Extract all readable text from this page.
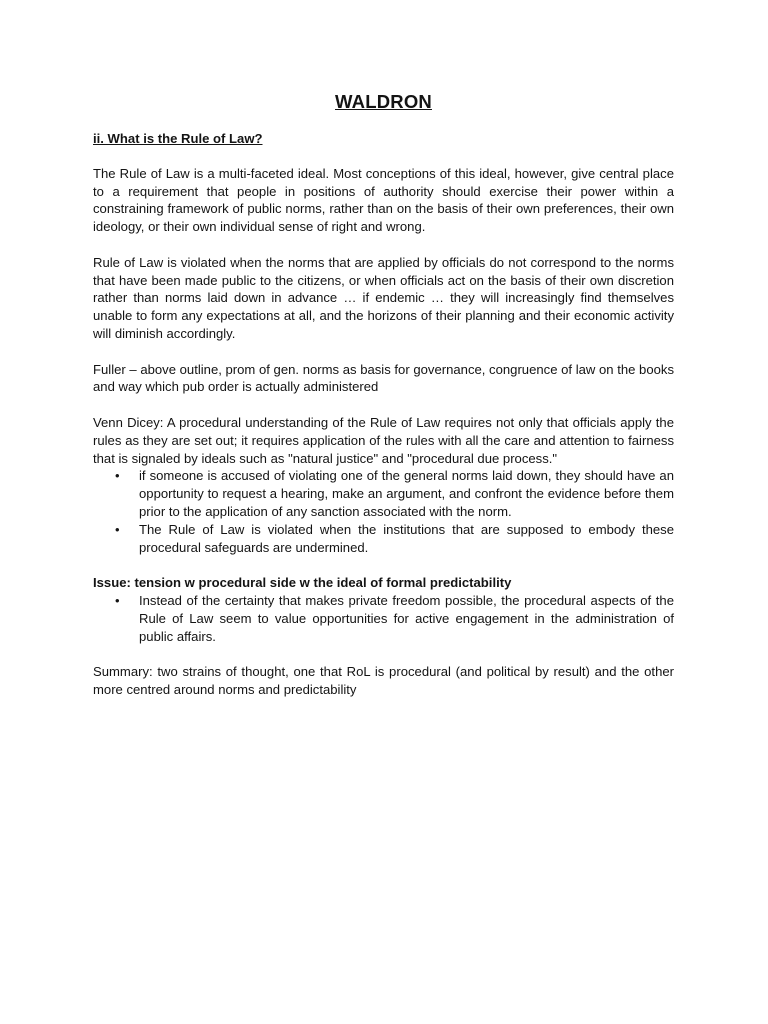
WALDRON
ii. What is the Rule of Law?

The Rule of Law is a multi-faceted ideal. Most conceptions of this ideal, however, give central place to a requirement that people in positions of authority should exercise their power within a constraining framework of public norms, rather than on the basis of their own preferences, their own ideology, or their own individual sense of right and wrong.

Rule of Law is violated when the norms that are applied by officials do not correspond to the norms that have been made public to the citizens, or when officials act on the basis of their own discretion rather than norms laid down in advance … if endemic … they will increasingly find themselves unable to form any expectations at all, and the horizons of their planning and their economic activity will diminish accordingly.

Fuller – above outline, prom of gen. norms as basis for governance, congruence of law on the books and way which pub order is actually administered

Venn Dicey: A procedural understanding of the Rule of Law requires not only that officials apply the rules as they are set out; it requires application of the rules with all the care and attention to fairness that is signaled by ideals such as "natural justice" and "procedural due process."

• if someone is accused of violating one of the general norms laid down, they should have an opportunity to request a hearing, make an argument, and confront the evidence before them prior to the application of any sanction associated with the norm.
• The Rule of Law is violated when the institutions that are supposed to embody these procedural safeguards are undermined.
Issue: tension w procedural side w the ideal of formal predictability
• Instead of the certainty that makes private freedom possible, the procedural aspects of the Rule of Law seem to value opportunities for active engagement in the administration of public affairs.

Summary: two strains of thought, one that RoL is procedural (and political by result) and the other more centred around norms and predictability
